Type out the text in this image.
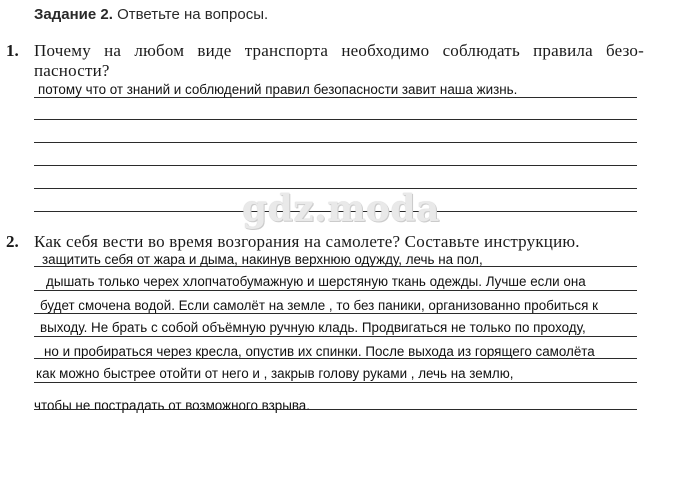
Задание 2. Ответьте на вопросы.
1. Почему на любом виде транспорта необходимо соблюдать правила безо-
пасности?
потому что от знаний и соблюдений правил безопасности завит наша жизнь.
gdz.moda
2. Как себя вести во время возгорания на самолете? Составьте инструкцию.
защитить себя от жара и дыма, накинув верхнюю одужду, лечь на пол,
дышать только черех хлопчатобумажную и шерстяную ткань одежды. Лучше если она
будет смочена водой. Если самолёт на земле , то без паники, организованно пробиться к
выходу. Не брать с собой объёмную ручную кладь. Продвигаться не только по проходу,
но и пробираться через кресла, опустив их спинки. После выхода из горящего самолёта
как можно быстрее отойти от него и , закрыв голову руками , лечь на землю,
чтобы не пострадать от возможного взрыва.
